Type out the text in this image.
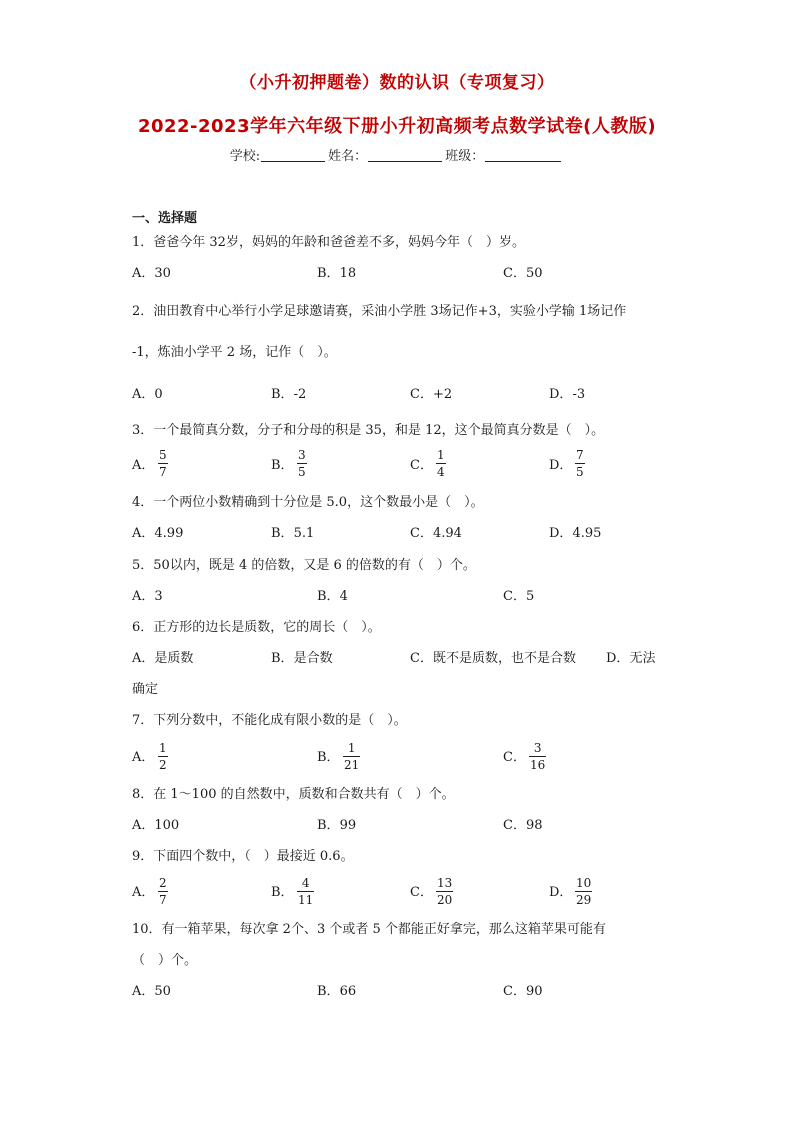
（小升初押题卷）数的认识（专项复习）
2022-2023学年六年级下册小升初高频考点数学试卷(人教版)
学校:	姓名：	班级：
一、选择题
1．爸爸今年 32岁，妈妈的年龄和爸爸差不多，妈妈今年（　）岁。
A．30	B．18	C．50
2．油田教育中心举行小学足球邀请赛，采油小学胜 3场记作+3，实验小学输 1场记作
-1，炼油小学平 2 场，记作（　）。
A．0	B．-2	C．+2	D．-3
3．一个最简真分数，分子和分母的积是 35，和是 12，这个最简真分数是（　）。
A．
5
7	B．
3
5	C．
1
4	D．
7
5
4．一个两位小数精确到十分位是 5.0，这个数最小是（　）。
A．4.99	B．5.1	C．4.94	D．4.95
5．50以内，既是 4 的倍数，又是 6 的倍数的有（　）个。
A．3	B．4	C．5
6．正方形的边长是质数，它的周长（　）。
A．是质数	B．是合数	C．既不是质数，也不是合数 D．无法
确定
7．下列分数中，不能化成有限小数的是（　）。
A．
1
2	B．
1
21	C．
3
16
8．在 1～100 的自然数中，质数和合数共有（　）个。
A．100	B．99	C．98
9．下面四个数中，（　）最接近 0.6。
A．
2
7	B．
4
11	C．
13
20	D．
10
29
10．有一箱苹果，每次拿 2个、3 个或者 5 个都能正好拿完，那么这箱苹果可能有
（　）个。
A．50	B．66	C．90
